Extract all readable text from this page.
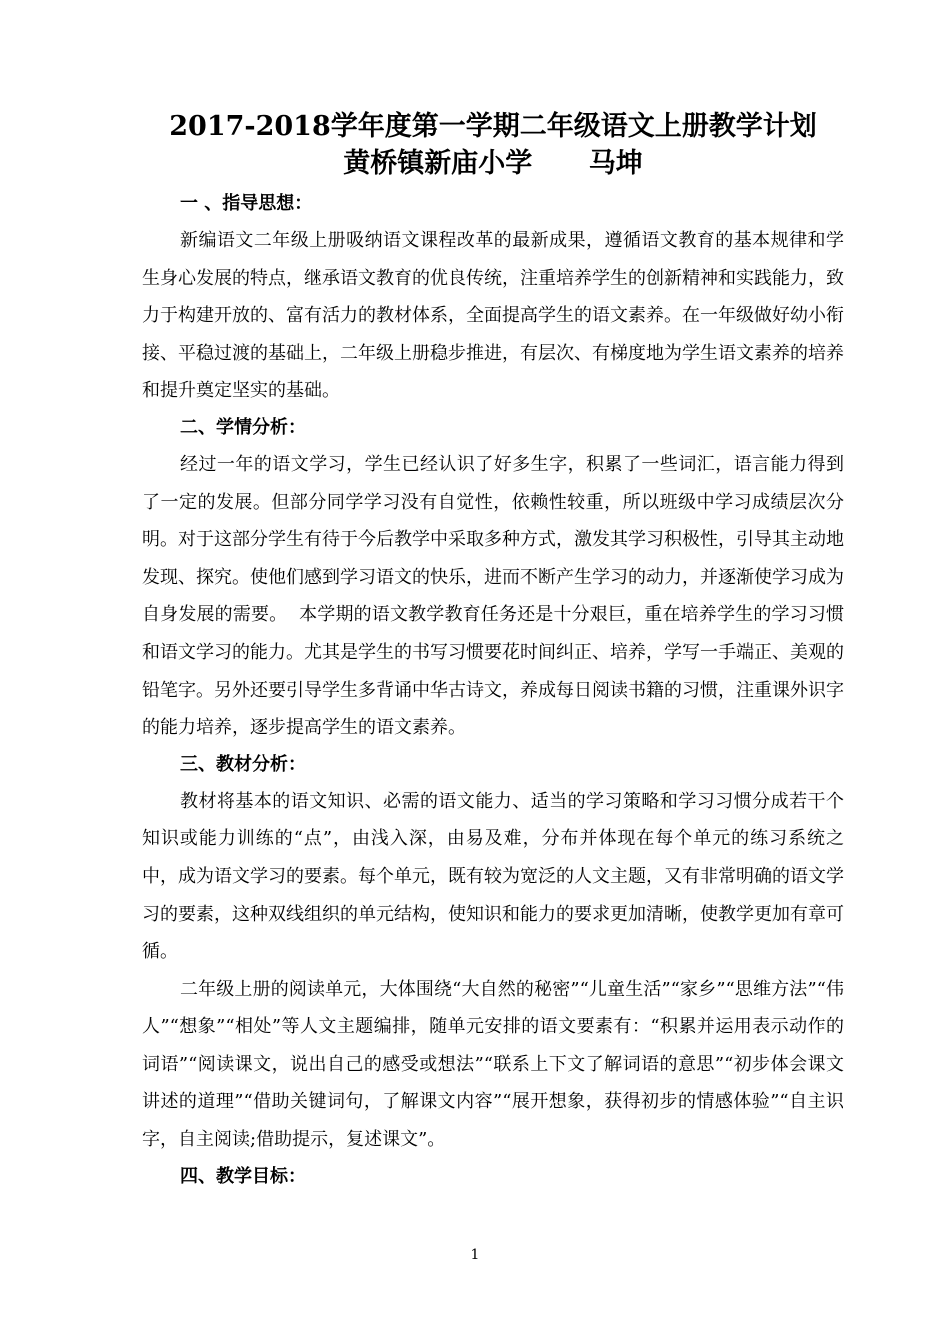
2017-2018学年度第一学期二年级语文上册教学计划
黄桥镇新庙小学      马坤
一 、指导思想：

新编语文二年级上册吸纳语文课程改革的最新成果，遵循语文教育的基本规律和学生身心发展的特点，继承语文教育的优良传统，注重培养学生的创新精神和实践能力，致力于构建开放的、富有活力的教材体系，全面提高学生的语文素养。在一年级做好幼小衔接、平稳过渡的基础上，二年级上册稳步推进，有层次、有梯度地为学生语文素养的培养和提升奠定坚实的基础。

二、学情分析：

经过一年的语文学习，学生已经认识了好多生字，积累了一些词汇，语言能力得到了一定的发展。但部分同学学习没有自觉性，依赖性较重，所以班级中学习成绩层次分明。对于这部分学生有待于今后教学中采取多种方式，激发其学习积极性，引导其主动地发现、探究。使他们感到学习语文的快乐，进而不断产生学习的动力，并逐渐使学习成为自身发展的需要。  本学期的语文教学教育任务还是十分艰巨，重在培养学生的学习习惯和语文学习的能力。尤其是学生的书写习惯要花时间纠正、培养，学写一手端正、美观的铅笔字。另外还要引导学生多背诵中华古诗文，养成每日阅读书籍的习惯，注重课外识字的能力培养，逐步提高学生的语文素养。

三、教材分析：

教材将基本的语文知识、必需的语文能力、适当的学习策略和学习习惯分成若干个知识或能力训练的“点”，由浅入深，由易及难，分布并体现在每个单元的练习系统之中，成为语文学习的要素。每个单元，既有较为宽泛的人文主题，又有非常明确的语文学习的要素，这种双线组织的单元结构，使知识和能力的要求更加清晰，使教学更加有章可循。

二年级上册的阅读单元，大体围绕“大自然的秘密”“儿童生活”“家乡”“思维方法”“伟人”“想象”“相处”等人文主题编排，随单元安排的语文要素有：“积累并运用表示动作的词语”“阅读课文，说出自己的感受或想法”“联系上下文了解词语的意思”“初步体会课文讲述的道理”“借助关键词句，了解课文内容”“展开想象，获得初步的情感体验”“自主识字，自主阅读;借助提示，复述课文”。

四、教学目标：
1
